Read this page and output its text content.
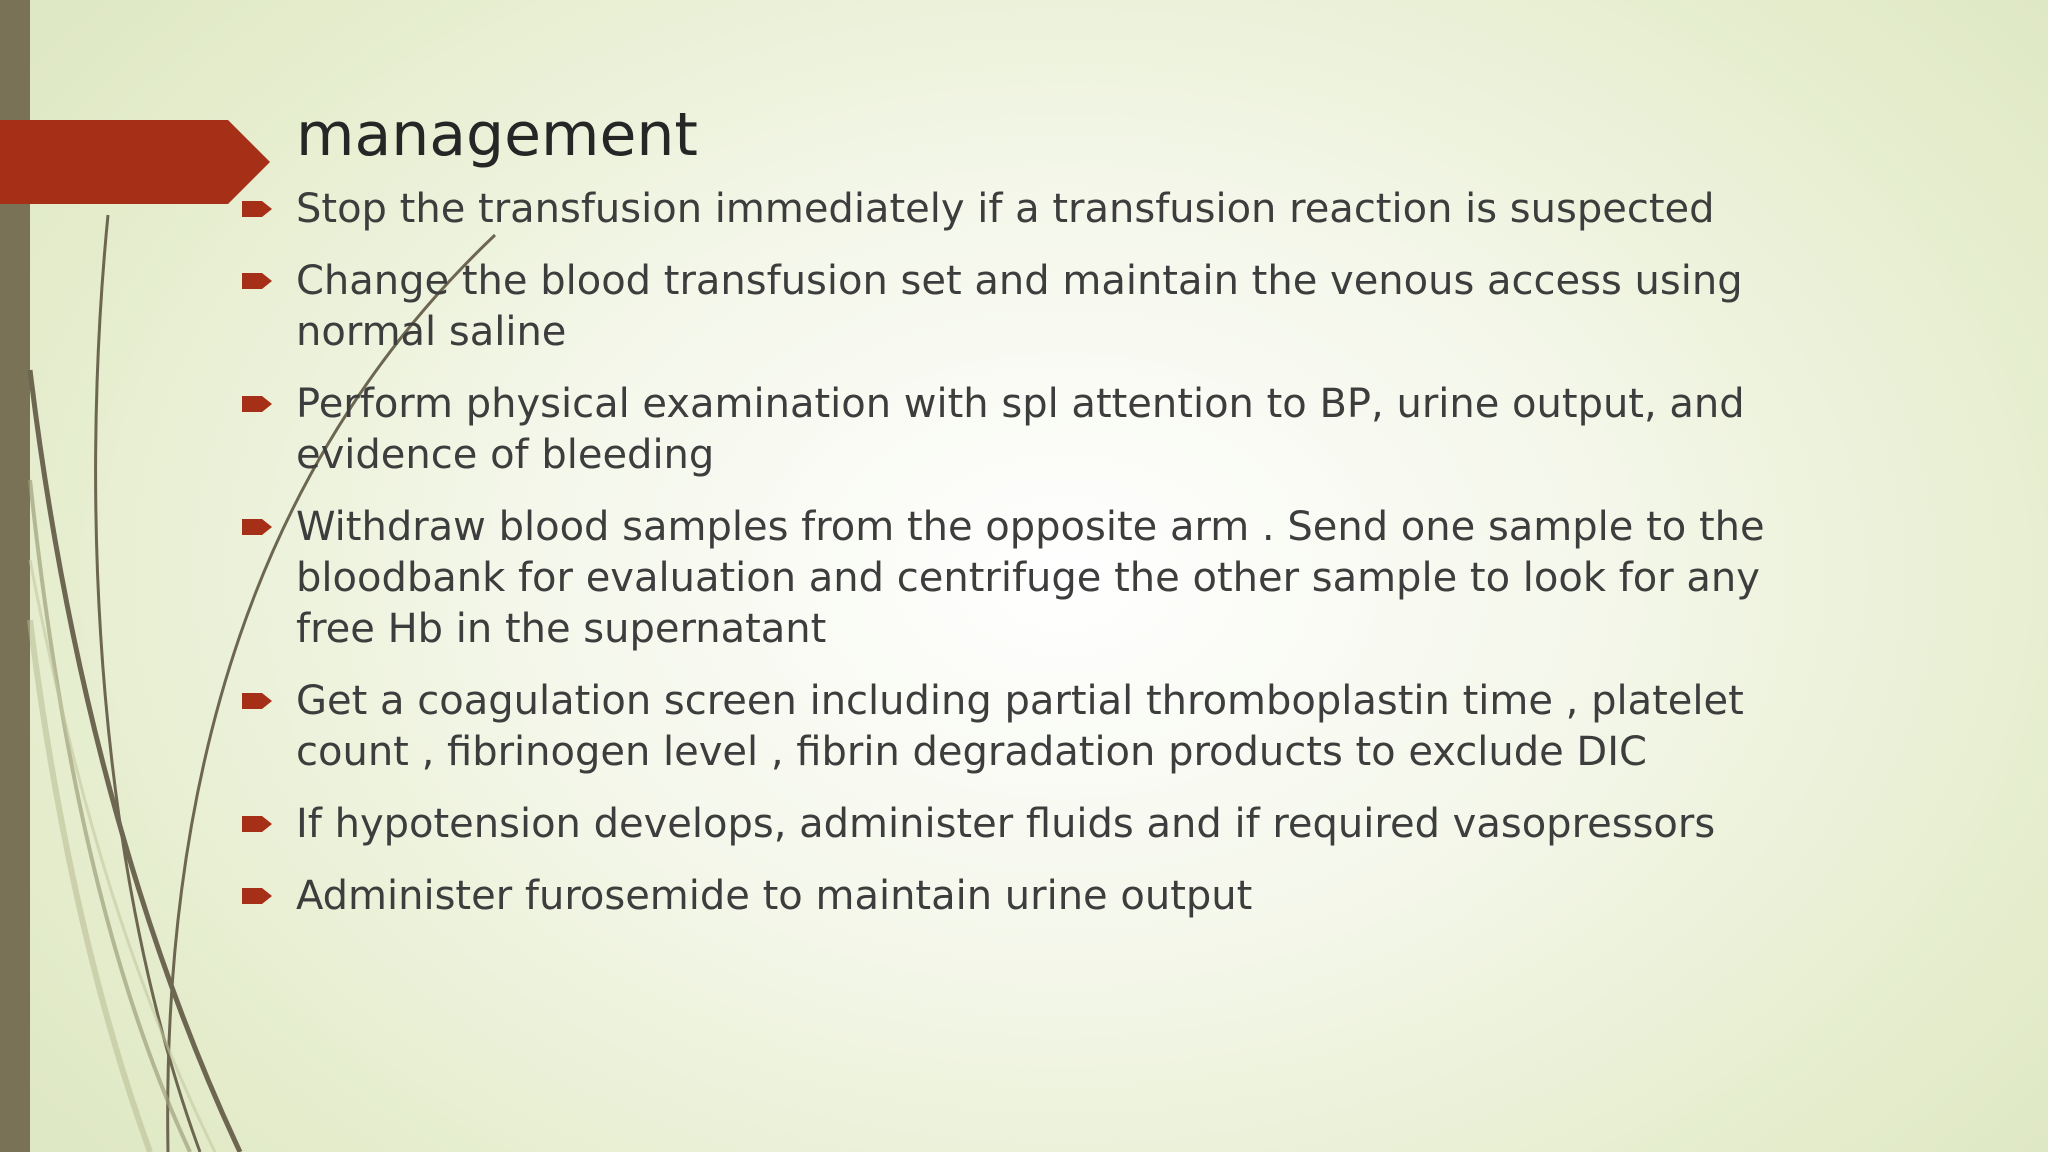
management
Stop the transfusion immediately if a transfusion reaction is suspected
Change the blood transfusion set and maintain the venous access using normal saline
Perform physical examination with spl attention to BP, urine output, and evidence of bleeding
Withdraw blood samples from the opposite arm . Send one sample to the bloodbank for evaluation and centrifuge the other sample to look for any free Hb in the supernatant
Get a coagulation screen including partial thromboplastin time , platelet count , fibrinogen level , fibrin degradation products to exclude DIC
If hypotension develops, administer fluids and if required vasopressors
Administer furosemide to maintain urine output
